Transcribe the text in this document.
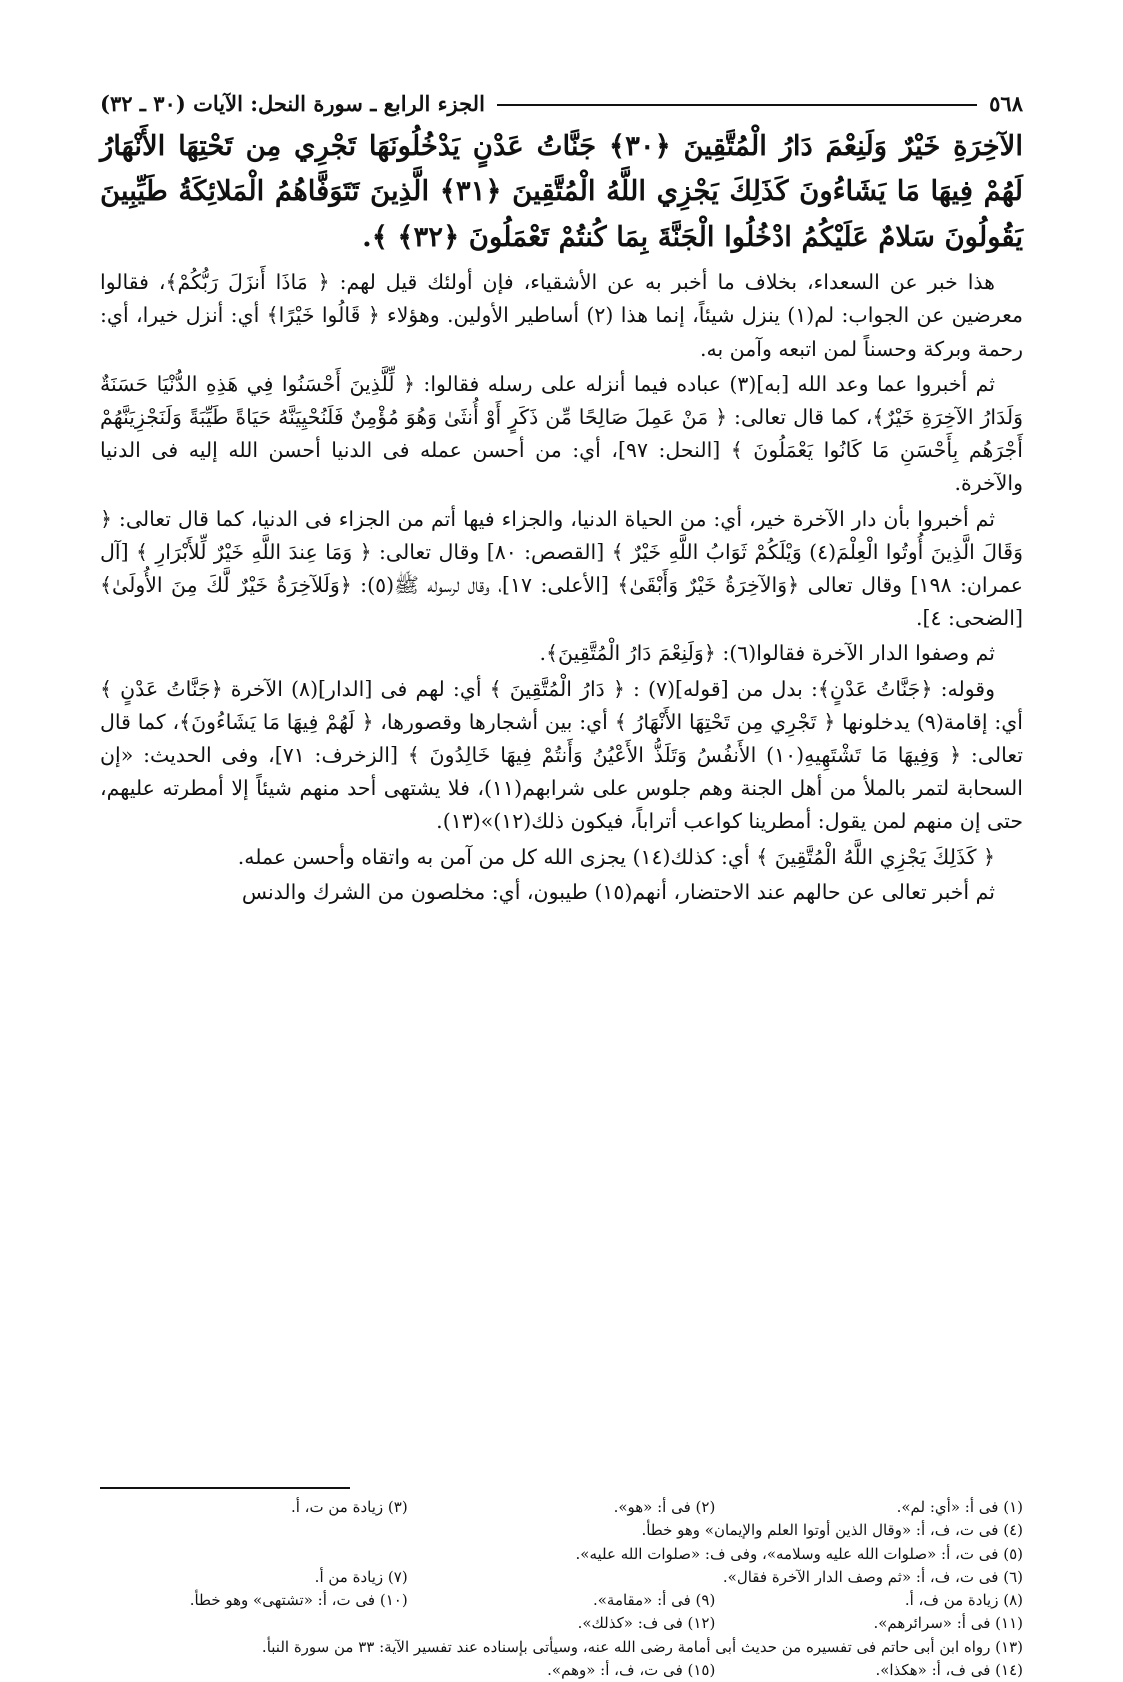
٥٦٨
الجزء الرابع ـ سورة النحل: الآيات (٣٠ ـ ٣٢)

الآخِرَةِ خَيْرٌ وَلَنِعْمَ دَارُ الْمُتَّقِينَ ﴿٣٠﴾ جَنَّاتُ عَدْنٍ يَدْخُلُونَهَا تَجْرِي مِن تَحْتِهَا الأَنْهَارُ لَهُمْ فِيهَا مَا يَشَاءُونَ كَذَلِكَ يَجْزِي اللَّهُ الْمُتَّقِينَ ﴿٣١﴾ الَّذِينَ تَتَوَفَّاهُمُ الْمَلائِكَةُ طَيِّبِينَ يَقُولُونَ سَلامٌ عَلَيْكُمُ ادْخُلُوا الْجَنَّةَ بِمَا كُنتُمْ تَعْمَلُونَ ﴿٣٢﴾ ﴾.

هذا خبر عن السعداء، بخلاف ما أخبر به عن الأشقياء، فإن أولئك قيل لهم: ﴿ مَاذَا أَنزَلَ رَبُّكُمْ﴾، فقالوا معرضين عن الجواب: لم(١) ينزل شيئاً، إنما هذا (٢) أساطير الأولين. وهؤلاء ﴿ قَالُوا خَيْرًا﴾ أي: أنزل خيرا، أي: رحمة وبركة وحسناً لمن اتبعه وآمن به.

ثم أخبروا عما وعد الله [به](٣) عباده فيما أنزله على رسله فقالوا: ﴿ لِّلَّذِينَ أَحْسَنُوا فِي هَذِهِ الدُّنْيَا حَسَنَةٌ وَلَدَارُ الآخِرَةِ خَيْرٌ﴾، كما قال تعالى: ﴿ مَنْ عَمِلَ صَالِحًا مِّن ذَكَرٍ أَوْ أُنثَىٰ وَهُوَ مُؤْمِنٌ فَلَنُحْيِيَنَّهُ حَيَاةً طَيِّبَةً وَلَنَجْزِيَنَّهُمْ أَجْرَهُم بِأَحْسَنِ مَا كَانُوا يَعْمَلُونَ ﴾ [النحل: ٩٧]، أي: من أحسن عمله فى الدنيا أحسن الله إليه فى الدنيا والآخرة.

ثم أخبروا بأن دار الآخرة خير، أي: من الحياة الدنيا، والجزاء فيها أتم من الجزاء فى الدنيا، كما قال تعالى: ﴿ وَقَالَ الَّذِينَ أُوتُوا الْعِلْمَ(٤) وَيْلَكُمْ ثَوَابُ اللَّهِ خَيْرٌ ﴾ [القصص: ٨٠] وقال تعالى: ﴿ وَمَا عِندَ اللَّهِ خَيْرٌ لِّلأَبْرَارِ ﴾ [آل عمران: ١٩٨] وقال تعالى ﴿وَالآخِرَةُ خَيْرٌ وَأَبْقَىٰ﴾ [الأعلى: ١٧]، وقال لرسوله ﷺ(٥): ﴿وَلَلآخِرَةُ خَيْرٌ لَّكَ مِنَ الأُولَىٰ﴾ [الضحى: ٤].

ثم وصفوا الدار الآخرة فقالوا(٦): ﴿وَلَنِعْمَ دَارُ الْمُتَّقِينَ﴾.

وقوله: ﴿جَنَّاتُ عَدْنٍ﴾: بدل من [قوله](٧) : ﴿ دَارُ الْمُتَّقِينَ ﴾ أي: لهم فى [الدار](٨) الآخرة ﴿جَنَّاتُ عَدْنٍ ﴾ أي: إقامة(٩) يدخلونها ﴿ تَجْرِي مِن تَحْتِهَا الأَنْهَارُ ﴾ أي: بين أشجارها وقصورها، ﴿ لَهُمْ فِيهَا مَا يَشَاءُونَ﴾، كما قال تعالى: ﴿ وَفِيهَا مَا تَشْتَهِيهِ(١٠) الأَنفُسُ وَتَلَذُّ الأَعْيُنُ وَأَنتُمْ فِيهَا خَالِدُونَ ﴾ [الزخرف: ٧١]، وفى الحديث: «إن السحابة لتمر بالملأ من أهل الجنة وهم جلوس على شرابهم(١١)، فلا يشتهى أحد منهم شيئاً إلا أمطرته عليهم، حتى إن منهم لمن يقول: أمطرينا كواعب أتراباً، فيكون ذلك(١٢)»(١٣).

﴿ كَذَلِكَ يَجْزِي اللَّهُ الْمُتَّقِينَ ﴾ أي: كذلك(١٤) يجزى الله كل من آمن به واتقاه وأحسن عمله.

ثم أخبر تعالى عن حالهم عند الاحتضار، أنهم(١٥) طيبون، أي: مخلصون من الشرك والدنس

(١) فى أ: «أي: لم».
(٢) فى أ: «هو».
(٣) زيادة من ت، أ.
(٤) فى ت، ف، أ: «وقال الذين أوتوا العلم والإيمان» وهو خطأ.
(٥) فى ت، أ: «صلوات الله عليه وسلامه»، وفى ف: «صلوات الله عليه».
(٦) فى ت، ف، أ: «ثم وصف الدار الآخرة فقال».
(٧) زيادة من أ.
(٨) زيادة من ف، أ.
(٩) فى أ: «مقامة».
(١٠) فى ت، أ: «تشتهى» وهو خطأ.
(١١) فى أ: «سرائرهم».
(١٢) فى ف: «كذلك».
(١٣) رواه ابن أبى حاتم فى تفسيره من حديث أبى أمامة رضى الله عنه، وسيأتى بإسناده عند تفسير الآية: ٣٣ من سورة النبأ.
(١٤) فى ف، أ: «هكذا».
(١٥) فى ت، ف، أ: «وهم».
